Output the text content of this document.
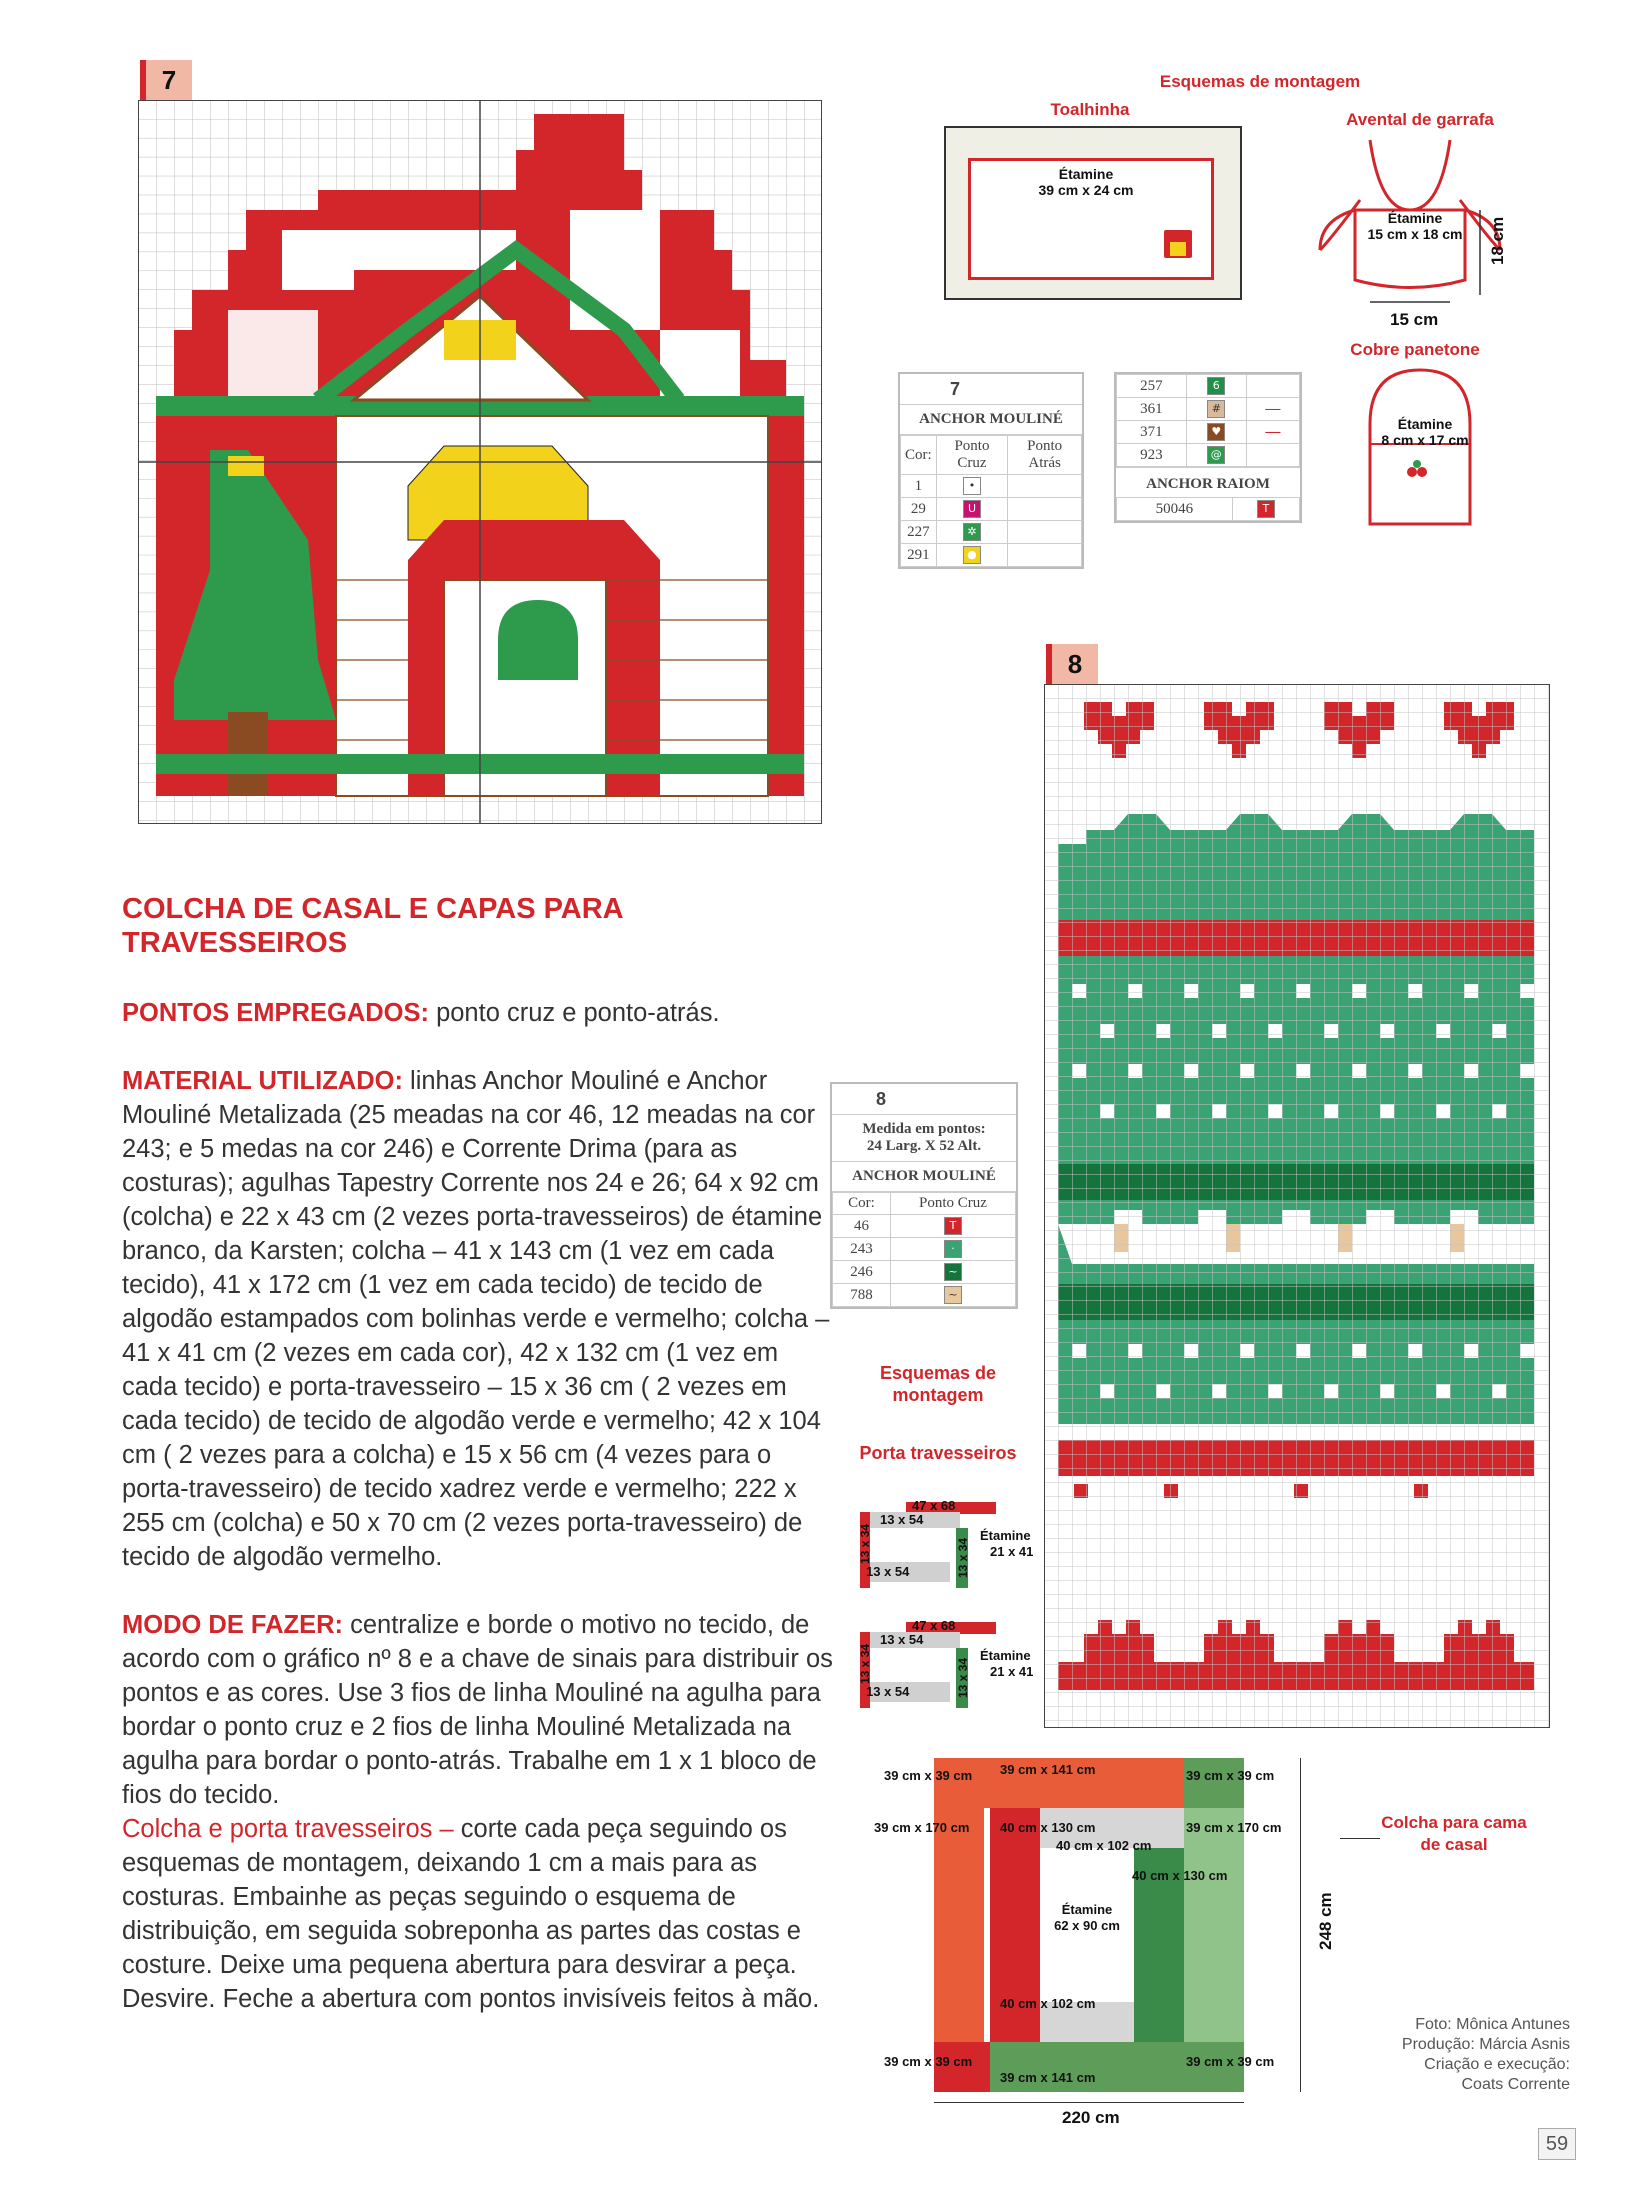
7
8
Esquemas de montagem
Toalhinha
Étamine
39 cm x 24 cm
Avental de garrafa
Étamine
15 cm x 18 cm
15 cm
18 cm
Cobre panetone
Étamine
8 cm x 17 cm
7
ANCHOR MOULINÉ
Cor:	Ponto Cruz	Ponto Atrás
1	•	
29	U	
227	✲	
291	●	
257	6	
361	#	—
371	♥	—
923	@	
ANCHOR RAIOM
50046	T
8
Medida em pontos:
24 Larg. X 52 Alt.
ANCHOR MOULINÉ
Cor:	Ponto Cruz
46	T
243	·
246	~
788	~
COLCHA DE CASAL E CAPAS PARA
TRAVESSEIROS

PONTOS EMPREGADOS: ponto cruz e ponto-atrás.

MATERIAL UTILIZADO: linhas Anchor Mouliné e Anchor Mouliné Metalizada (25 meadas na cor 46, 12 meadas na cor 243; e 5 medas na cor 246) e Corrente Drima (para as costuras); agulhas Tapestry Corrente nos 24 e 26; 64 x 92 cm (colcha) e 22 x 43 cm (2 vezes porta-travesseiros) de étamine branco, da Karsten; colcha – 41 x 143 cm (1 vez em cada tecido), 41 x 172 cm (1 vez em cada tecido) de tecido de algodão estampados com bolinhas verde e vermelho; colcha – 41 x 41 cm (2 vezes em cada cor), 42 x 132 cm (1 vez em cada tecido) e porta-travesseiro – 15 x 36 cm ( 2 vezes em cada tecido) de tecido de algodão verde e vermelho; 42 x 104 cm ( 2 vezes para a colcha) e 15 x 56 cm (4 vezes para o porta-travesseiro) de tecido xadrez verde e vermelho; 222 x 255 cm (colcha) e 50 x 70 cm (2 vezes porta-travesseiro) de tecido de algodão vermelho.

MODO DE FAZER: centralize e borde o motivo no tecido, de acordo com o gráfico nº 8 e a chave de sinais para distribuir os pontos e as cores. Use 3 fios de linha Mouliné na agulha para bordar o ponto cruz e 2 fios de linha Mouliné Metalizada na agulha para bordar o ponto-atrás. Trabalhe em 1 x 1 bloco de fios do tecido.

Colcha e porta travesseiros – corte cada peça seguindo os esquemas de montagem, deixando 1 cm a mais para as costuras. Embainhe as peças seguindo o esquema de distribuição, em seguida sobreponha as partes das costas e costure. Deixe uma pequena abertura para desvirar a peça. Desvire. Feche a abertura com pontos invisíveis feitos à mão.

Esquemas de montagem
Porta travesseiros
47 x 68
13 x 54
13 x 54
13 x 34	13 x 34
Étamine
21 x 41
47 x 68
13 x 54
13 x 54
13 x 34	13 x 34
Étamine
21 x 41
39 cm x 39 cm 39 cm x 141 cm	39 cm x 39 cm
39 cm x 170 cm 40 cm x 130 cm
40 cm x 102 cm
39 cm x 170 cm
40 cm x 130 cm
Étamine
62 x 90 cm
40 cm x 102 cm
39 cm x 39 cm	39 cm x 39 cm
39 cm x 141 cm
220 cm
248 cm
Colcha para cama de casal
Foto: Mônica Antunes
Produção: Márcia Asnis
Criação e execução:
Coats Corrente
59
